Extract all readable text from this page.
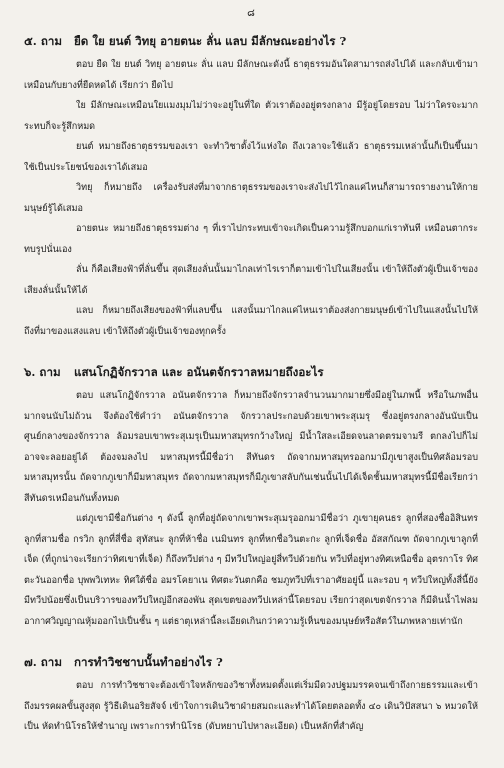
๘
๕. ถาม ยืด ใย ยนต์ วิทยุ อายตนะ ลั่น แลบ มีลักษณะอย่างไร ?

ตอบ ยืด ใย ยนต์ วิทยุ อายตนะ ลั่น แลบ มีลักษณะดังนี้ ธาตุธรรมอันใดสามารถส่งไปได้ และกลับเข้ามาเหมือนกับยางที่ยืดหดได้ เรียกว่า ยืดไป

ใย มีลักษณะเหมือนใยแมงมุมไม่ว่าจะอยู่ในที่ใด ตัวเราต้องอยู่ตรงกลาง มีรู้อยู่โดยรอบ ไม่ว่าใครจะมากระทบก็จะรู้สึกหมด

ยนต์ หมายถึงธาตุธรรมของเรา จะทำวิชาตั้งไว้แห่งใด ถึงเวลาจะใช้แล้ว ธาตุธรรมเหล่านั้นก็เป็นขึ้นมาใช้เป็นประโยชน์ของเราได้เสมอ

วิทยุ ก็หมายถึง เครื่องรับส่งที่มาจากธาตุธรรมของเราจะส่งไปไว้ไกลแค่ไหนก็สามารถรายงานให้กายมนุษย์รู้ได้เสมอ

อายตนะ หมายถึงธาตุธรรมต่าง ๆ ที่เราไปกระทบเข้าจะเกิดเป็นความรู้สึกบอกแก่เราทันที เหมือนตากระทบรูปนั่นเอง

ลั่น ก็คือเสียงฟ้าที่ลั่นขึ้น สุดเสียงลั่นนั้นมาไกลเท่าไรเราก็ตามเข้าไปในเสียงนั้น เข้าให้ถึงตัวผู้เป็นเจ้าของเสียงลั่นนั้นให้ได้

แลบ ก็หมายถึงเสียงของฟ้าที่แลบขึ้น แสงนั้นมาไกลแค่ไหนเราต้องส่งกายมนุษย์เข้าไปในแสงนั้นไปให้ถึงที่มาของแสงแลบ เข้าให้ถึงตัวผู้เป็นเจ้าของทุกครั้ง

๖. ถาม แสนโกฏิจักรวาล และ อนันตจักรวาลหมายถึงอะไร

ตอบ แสนโกฏิจักรวาล อนันตจักรวาล ก็หมายถึงจักรวาลจำนวนมากมายซึ่งมีอยู่ในภพนี้ หรือในภพอื่นมากจนนับไม่ถ้วน จึงต้องใช้คำว่า อนันตจักรวาล จักรวาลประกอบด้วยเขาพระสุเมรุ ซึ่งอยู่ตรงกลางอันนับเป็นศูนย์กลางของจักรวาล ล้อมรอบเขาพระสุเมรุเป็นมหาสมุทรกว้างใหญ่ มีน้ำใสละเอียดจนลาดตรมจามรี ตกลงไปก็ไม่อาจจะลอยอยู่ได้ ต้องจมลงไป มหาสมุทรนี้มีชื่อว่า สีทันดร ถัดจากมหาสมุทรออกมามีภูเขาสูงเป็นทิศล้อมรอบมหาสมุทรนั้น ถัดจากภูเขาก็มีมหาสมุทร ถัดจากมหาสมุทรก็มีภูเขาสลับกันเช่นนั้นไปได้เจ็ดชั้นมหาสมุทรนี้มีชื่อเรียกว่า สีทันดรเหมือนกันทั้งหมด

แต่ภูเขามีชื่อกันต่าง ๆ ดังนี้ ลูกที่อยู่ถัดจากเขาพระสุเมรุออกมามีชื่อว่า ภูเขายุคนธร ลูกที่สองชื่ออิสินทร ลูกที่สามชื่อ กรวิก ลูกที่สี่ชื่อ สุทัสนะ ลูกที่ห้าชื่อ เนมินทร ลูกที่หกชื่อวินตะกะ ลูกที่เจ็ดชื่อ อัสสกัณฑ ถัดจากภูเขาลูกที่เจ็ด (ที่ถูกน่าจะเรียกว่าทิศเขาที่เจ็ด) ก็ถึงทวีปต่าง ๆ มีทวีปใหญ่อยู่สี่ทวีปด้วยกัน ทวีปที่อยู่ทางทิศเหนือชื่อ อุตรกาโร ทิศตะวันออกชื่อ บุพพวิเทหะ ทิศใต้ชื่อ อมรโคยาเน ทิศตะวันตกคือ ชมภูทวีปที่เราอาศัยอยู่นี้ และรอบ ๆ ทวีปใหญ่ทั้งสี่นี้ยังมีทวีปน้อยซึ่งเป็นบริวารของทวีปใหญ่อีกสองพัน สุดเขตของทวีปเหล่านี้โดยรอบ เรียกว่าสุดเขตจักรวาล ก็มีดินน้ำไฟลมอากาศวิญญาณหุ้มออกไปเป็นชั้น ๆ แต่ธาตุเหล่านี้ละเอียดเกินกว่าความรู้เห็นของมนุษย์หรือสัตว์ในภพหลายเท่านัก

๗. ถาม การทำวิชชาบนั้นทำอย่างไร ?

ตอบ การทำวิชชาจะต้องเข้าใจหลักของวิชาทั้งหมดตั้งแต่เริ่มมีดวงปฐมมรรคจนเข้าถึงกายธรรมและเข้าถึงมรรคผลขั้นสูงสุด รู้วิธีเดินอริยสัจจ์ เข้าใจการเดินวิชาฝ่ายสมถะและทำได้โดยตลอดทั้ง ๔๐ เดินวิปัสสนา ๖ หมวดให้เป็น หัดทำนิโรธให้ชำนาญ เพราะการทำนิโรธ (ดับหยาบไปหาละเอียด) เป็นหลักที่สำคัญ
